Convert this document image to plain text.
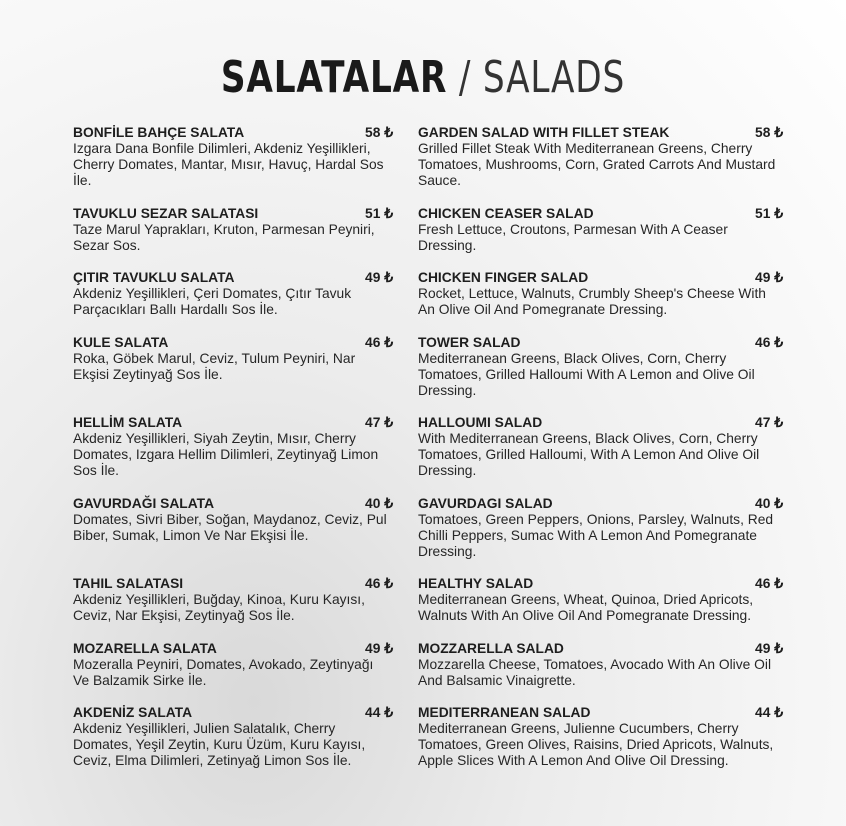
SALATALAR / SALADS
BONFİLE BAHÇE SALATA	58 ₺
Izgara Dana Bonfile Dilimleri, Akdeniz Yeşillikleri, Cherry Domates, Mantar, Mısır, Havuç, Hardal Sos İle.
TAVUKLU SEZAR SALATASI	51 ₺
Taze Marul Yaprakları, Kruton, Parmesan Peyniri, Sezar Sos.
ÇITIR TAVUKLU SALATA	49 ₺
Akdeniz Yeşillikleri, Çeri Domates, Çıtır Tavuk Parçacıkları Ballı Hardallı Sos İle.
KULE SALATA	46 ₺
Roka, Göbek Marul, Ceviz, Tulum Peyniri, Nar Ekşisi Zeytinyağ Sos İle.
HELLİM SALATA	47 ₺
Akdeniz Yeşillikleri, Siyah Zeytin, Mısır, Cherry Domates, Izgara Hellim Dilimleri, Zeytinyağ Limon Sos İle.
GAVURDAĞI SALATA	40 ₺
Domates, Sivri Biber, Soğan, Maydanoz, Ceviz, Pul Biber, Sumak, Limon Ve Nar Ekşisi İle.
TAHIL SALATASI	46 ₺
Akdeniz Yeşillikleri, Buğday, Kinoa, Kuru Kayısı, Ceviz, Nar Ekşisi, Zeytinyağ Sos İle.
MOZARELLA SALATA	49 ₺
Mozeralla Peyniri, Domates, Avokado, Zeytinyağı Ve Balzamik Sirke İle.
AKDENİZ SALATA	44 ₺
Akdeniz Yeşillikleri, Julien Salatalık, Cherry Domates, Yeşil Zeytin, Kuru Üzüm, Kuru Kayısı, Ceviz, Elma Dilimleri, Zetinyağ Limon Sos İle.
GARDEN SALAD WITH FILLET STEAK	58 ₺
Grilled Fillet Steak With Mediterranean Greens, Cherry Tomatoes, Mushrooms, Corn, Grated Carrots And Mustard Sauce.
CHICKEN CEASER SALAD	51 ₺
Fresh Lettuce, Croutons, Parmesan With A Ceaser Dressing.
CHICKEN FINGER SALAD	49 ₺
Rocket, Lettuce, Walnuts, Crumbly Sheep's Cheese With An Olive Oil And Pomegranate Dressing.
TOWER SALAD	46 ₺
Mediterranean Greens, Black Olives, Corn, Cherry Tomatoes, Grilled Halloumi With A Lemon and Olive Oil Dressing.
HALLOUMI SALAD	47 ₺
With Mediterranean Greens, Black Olives, Corn, Cherry Tomatoes, Grilled Halloumi, With A Lemon And Olive Oil Dressing.
GAVURDAGI SALAD	40 ₺
Tomatoes, Green Peppers, Onions, Parsley, Walnuts, Red Chilli Peppers, Sumac With A Lemon And Pomegranate Dressing.
HEALTHY SALAD	46 ₺
Mediterranean Greens, Wheat, Quinoa, Dried Apricots, Walnuts With An Olive Oil And Pomegranate Dressing.
MOZZARELLA SALAD	49 ₺
Mozzarella Cheese, Tomatoes, Avocado With An Olive Oil And Balsamic Vinaigrette.
MEDITERRANEAN SALAD	44 ₺
Mediterranean Greens, Julienne Cucumbers, Cherry Tomatoes, Green Olives, Raisins, Dried Apricots, Walnuts, Apple Slices With A Lemon And Olive Oil Dressing.
